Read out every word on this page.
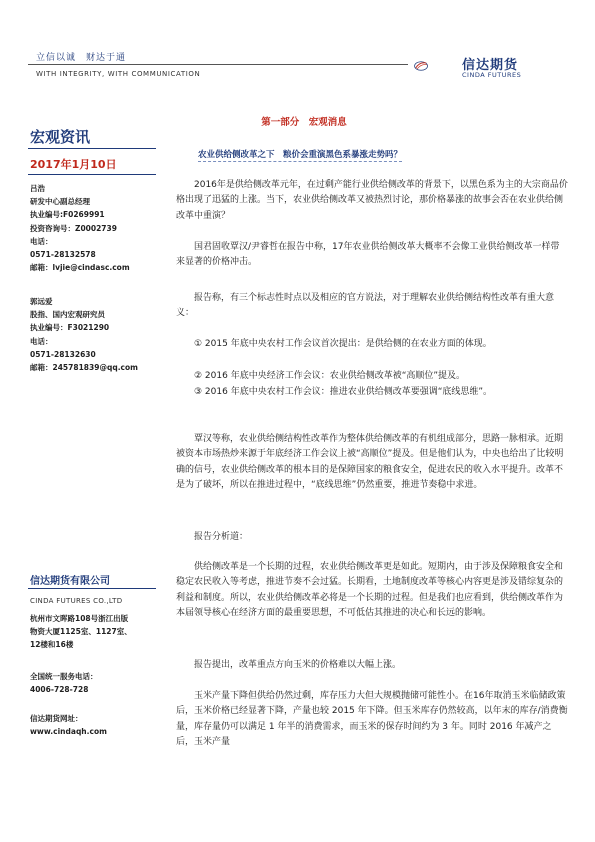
立信以诚　财达于通
WITH INTEGRITY, WITH COMMUNICATION
信达期货
CINDA FUTURES
宏观资讯
2017年1月10日
吕浩
研发中心副总经理
执业编号:F0269991
投资咨询号：Z0002739
电话：
0571-28132578
邮箱：lvjie@cindasc.com
郭远爱
股指、国内宏观研究员
执业编号：F3021290
电话：
0571-28132630
邮箱：245781839@qq.com
信达期货有限公司
CINDA FUTURES CO.,LTD
杭州市文晖路108号浙江出版
物资大厦1125室、1127室、
12楼和16楼
全国统一服务电话：
4006-728-728
信达期货网址：
www.cindaqh.com
第一部分　宏观消息
农业供给侧改革之下　粮价会重演黑色系暴涨走势吗？

2016年是供给侧改革元年，在过剩产能行业供给侧改革的背景下，以黑色系为主的大宗商品价格出现了迅猛的上涨。当下，农业供给侧改革又被热烈讨论，那价格暴涨的故事会否在农业供给侧改革中重演？

国君固收覃汉/尹睿哲在报告中称，17年农业供给侧改革大概率不会像工业供给侧改革一样带来显著的价格冲击。

报告称，有三个标志性时点以及相应的官方说法，对于理解农业供给侧结构性改革有重大意义：

① 2015 年底中央农村工作会议首次提出：是供给侧的在农业方面的体现。

② 2016 年底中央经济工作会议：农业供给侧改革被“高顺位”提及。

③ 2016 年底中央农村工作会议：推进农业供给侧改革要强调“底线思维”。

覃汉等称，农业供给侧结构性改革作为整体供给侧改革的有机组成部分，思路一脉相承。近期被资本市场热炒来源于年底经济工作会议上被“高顺位”提及。但是他们认为，中央也给出了比较明确的信号，农业供给侧改革的根本目的是保障国家的粮食安全，促进农民的收入水平提升。改革不是为了破坏，所以在推进过程中，“底线思维”仍然重要，推进节奏稳中求进。

报告分析道：

供给侧改革是一个长期的过程，农业供给侧改革更是如此。短期内，由于涉及保障粮食安全和稳定农民收入等考虑，推进节奏不会过猛。长期看，土地制度改革等核心内容更是涉及错综复杂的利益和制度。所以，农业供给侧改革必将是一个长期的过程。但是我们也应看到，供给侧改革作为本届领导核心在经济方面的最重要思想，不可低估其推进的决心和长远的影响。

报告提出，改革重点方向玉米的价格难以大幅上涨。

玉米产量下降但供给仍然过剩，库存压力大但大规模抛储可能性小。在16年取消玉米临储政策后，玉米价格已经显著下降，产量也较 2015 年下降。但玉米库存仍然较高，以年末的库存/消费衡量，库存量仍可以满足 1 年半的消费需求，而玉米的保存时间约为 3 年。同时 2016 年减产之后，玉米产量
